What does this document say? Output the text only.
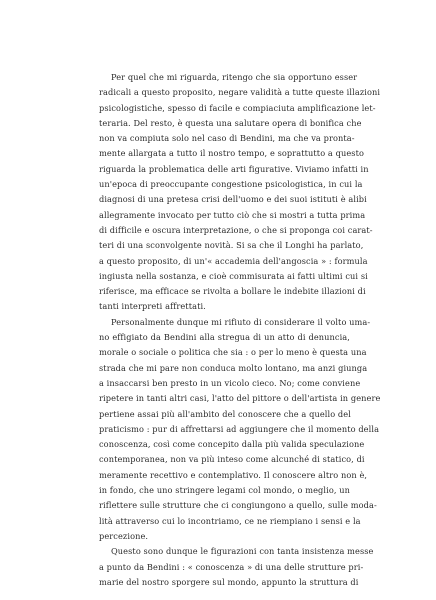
Per quel che mi riguarda, ritengo che sia opportuno esser
radicali a questo proposito, negare validità a tutte queste illazioni
psicologistiche, spesso di facile e compiaciuta amplificazione let-
teraria. Del resto, è questa una salutare opera di bonifica che
non va compiuta solo nel caso di Bendini, ma che va pronta-
mente allargata a tutto il nostro tempo, e soprattutto a questo
riguarda la problematica delle arti figurative. Viviamo infatti in
un'epoca di preoccupante congestione psicologistica, in cui la
diagnosi di una pretesa crisi dell'uomo e dei suoi istituti è alibi
allegramente invocato per tutto ciò che si mostri a tutta prima
di difficile e oscura interpretazione, o che si proponga coi carat-
teri di una sconvolgente novità. Si sa che il Longhi ha parlato,
a questo proposito, di un'« accademia dell'angoscia » : formula
ingiusta nella sostanza, e cioè commisurata ai fatti ultimi cui si
riferisce, ma efficace se rivolta a bollare le indebite illazioni di
tanti interpreti affrettati.

Personalmente dunque mi rifiuto di considerare il volto uma-
no effigiato da Bendini alla stregua di un atto di denuncia,
morale o sociale o politica che sia : o per lo meno è questa una
strada che mi pare non conduca molto lontano, ma anzi giunga
a insaccarsi ben presto in un vicolo cieco. No; come conviene
ripetere in tanti altri casi, l'atto del pittore o dell'artista in genere
pertiene assai più all'ambito del conoscere che a quello del
praticismo : pur di affrettarsi ad aggiungere che il momento della
conoscenza, così come concepito dalla più valida speculazione
contemporanea, non va più inteso come alcunché di statico, di
meramente recettivo e contemplativo. Il conoscere altro non è,
in fondo, che uno stringere legami col mondo, o meglio, un
riflettere sulle strutture che ci congiungono a quello, sulle moda-
lità attraverso cui lo incontriamo, ce ne riempiano i sensi e la
percezione.

Questo sono dunque le figurazioni con tanta insistenza messe
a punto da Bendini : « conoscenza » di una delle strutture pri-
marie del nostro sporgere sul mondo, appunto la struttura di
